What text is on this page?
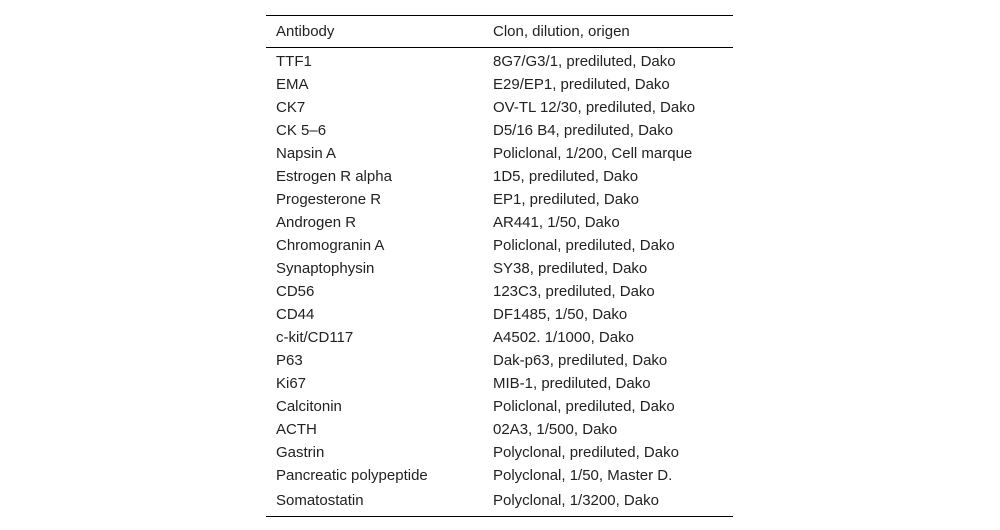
Antibody	Clon, dilution, origen
TTF1	8G7/G3/1, prediluted, Dako
EMA	E29/EP1, prediluted, Dako
CK7	OV-TL 12/30, prediluted, Dako
CK 5–6	D5/16 B4, prediluted, Dako
Napsin A	Policlonal, 1/200, Cell marque
Estrogen R alpha	1D5, prediluted, Dako
Progesterone R	EP1, prediluted, Dako
Androgen R	AR441, 1/50, Dako
Chromogranin A	Policlonal, prediluted, Dako
Synaptophysin	SY38, prediluted, Dako
CD56	123C3, prediluted, Dako
CD44	DF1485, 1/50, Dako
c-kit/CD117	A4502. 1/1000, Dako
P63	Dak-p63, prediluted, Dako
Ki67	MIB-1, prediluted, Dako
Calcitonin	Policlonal, prediluted, Dako
ACTH	02A3, 1/500, Dako
Gastrin	Polyclonal, prediluted, Dako
Pancreatic polypeptide	Polyclonal, 1/50, Master D.
Somatostatin	Polyclonal, 1/3200, Dako
